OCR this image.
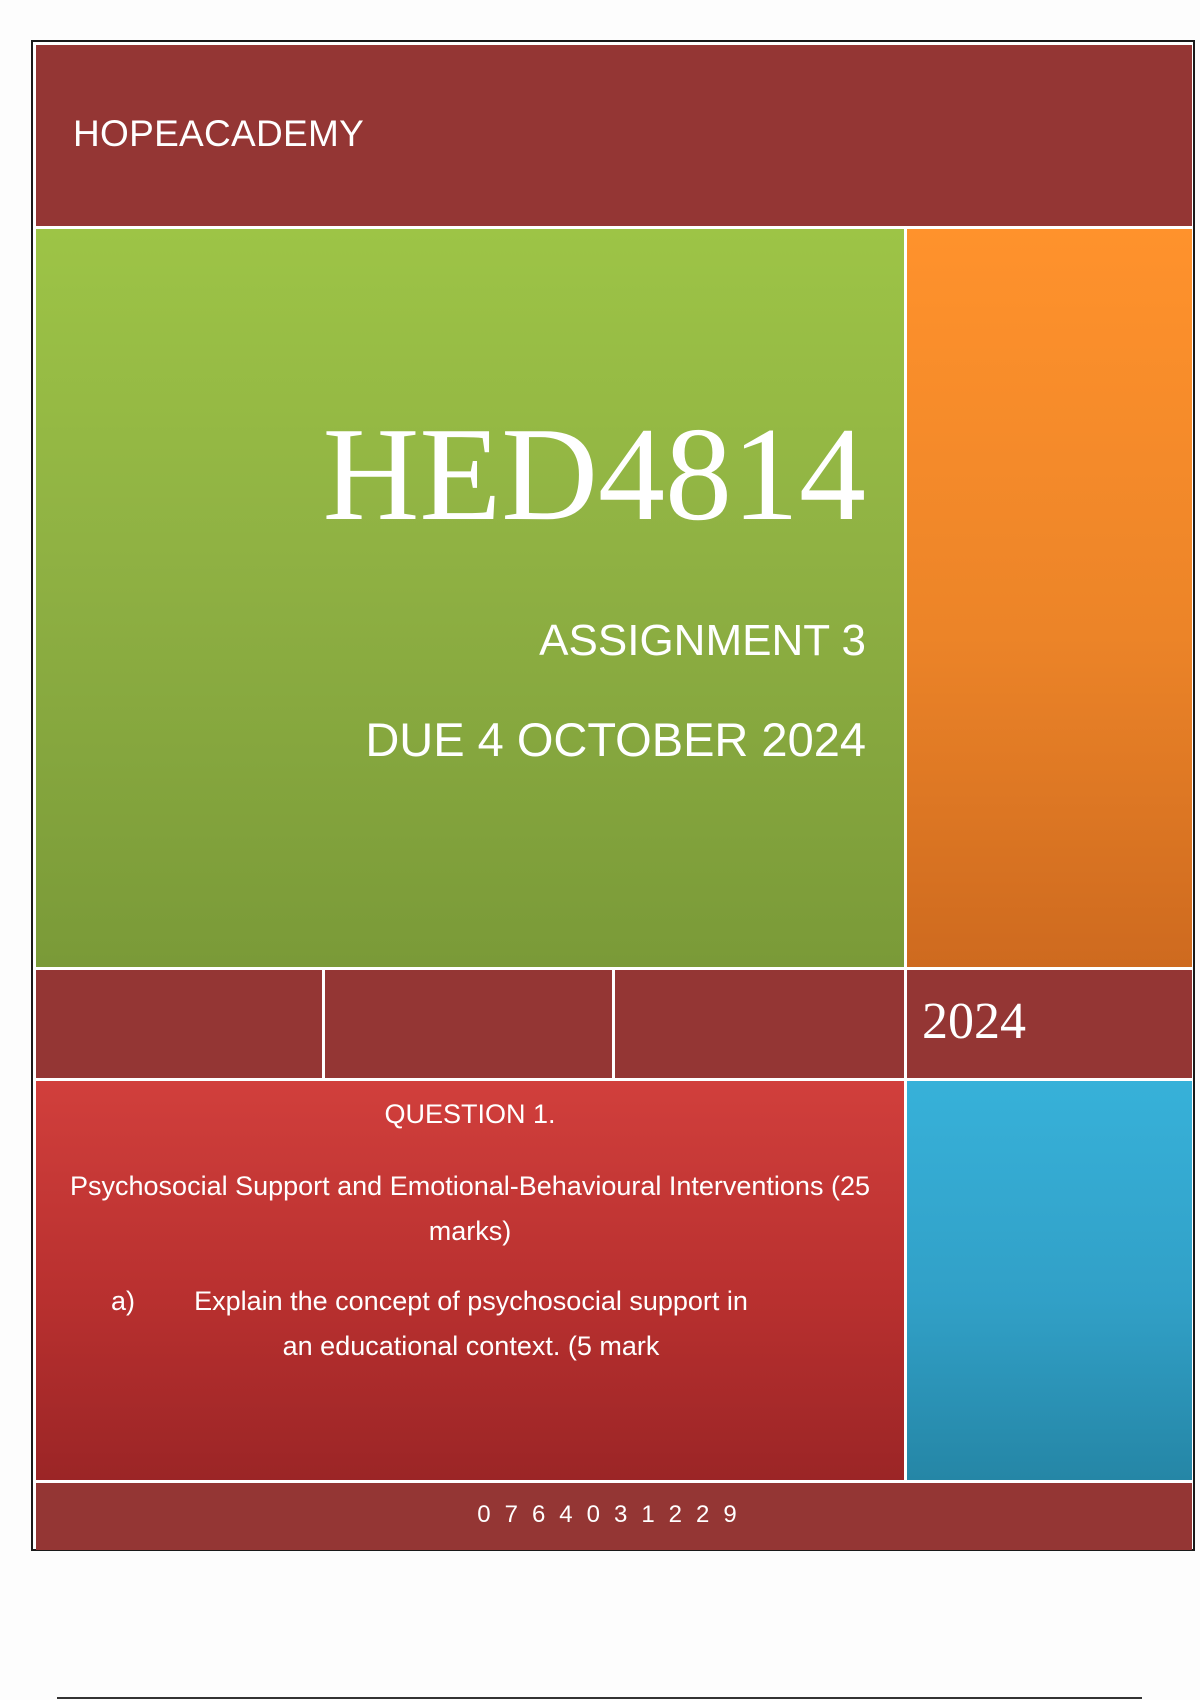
HOPEACADEMY
HED4814
ASSIGNMENT 3
DUE 4 OCTOBER 2024
2024
QUESTION 1.
Psychosocial Support and Emotional-Behavioural Interventions (25 marks)
a)	Explain the concept of psychosocial support in an educational context. (5 mark
0764031229
